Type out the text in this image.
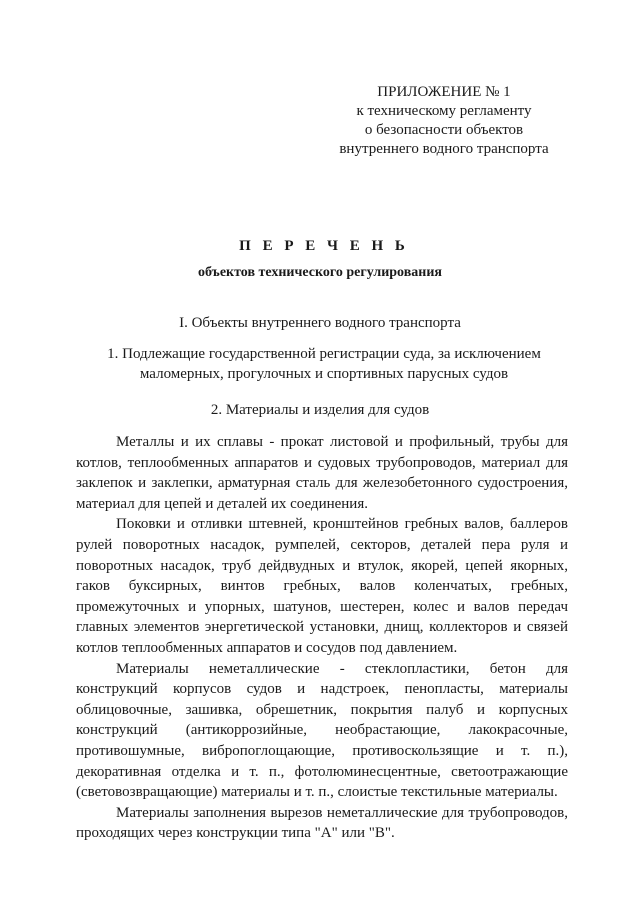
ПРИЛОЖЕНИЕ № 1
к техническому регламенту
о безопасности объектов
внутреннего водного транспорта
П Е Р Е Ч Е Н Ь
объектов технического регулирования
I. Объекты внутреннего водного транспорта
1. Подлежащие государственной регистрации суда, за исключением маломерных, прогулочных и спортивных парусных судов
2. Материалы и изделия для судов

Металлы и их сплавы - прокат листовой и профильный, трубы для котлов, теплообменных аппаратов и судовых трубопроводов, материал для заклепок и заклепки, арматурная сталь для железобетонного судостроения, материал для цепей и деталей их соединения.

Поковки и отливки штевней, кронштейнов гребных валов, баллеров рулей поворотных насадок, румпелей, секторов, деталей пера руля и поворотных насадок, труб дейдвудных и втулок, якорей, цепей якорных, гаков буксирных, винтов гребных, валов коленчатых, гребных, промежуточных и упорных, шатунов, шестерен, колес и валов передач главных элементов энергетической установки, днищ, коллекторов и связей котлов теплообменных аппаратов и сосудов под давлением.

Материалы неметаллические - стеклопластики, бетон для конструкций корпусов судов и надстроек, пенопласты, материалы облицовочные, зашивка, обрешетник, покрытия палуб и корпусных конструкций (антикоррозийные, необрастающие, лакокрасочные, противошумные, вибропоглощающие, противоскользящие и т. п.), декоративная отделка и т. п., фотолюминесцентные, светоотражающие (световозвращающие) материалы и т. п., слоистые текстильные материалы.

Материалы заполнения вырезов неметаллические для трубопроводов, проходящих через конструкции типа "А" или "В".
